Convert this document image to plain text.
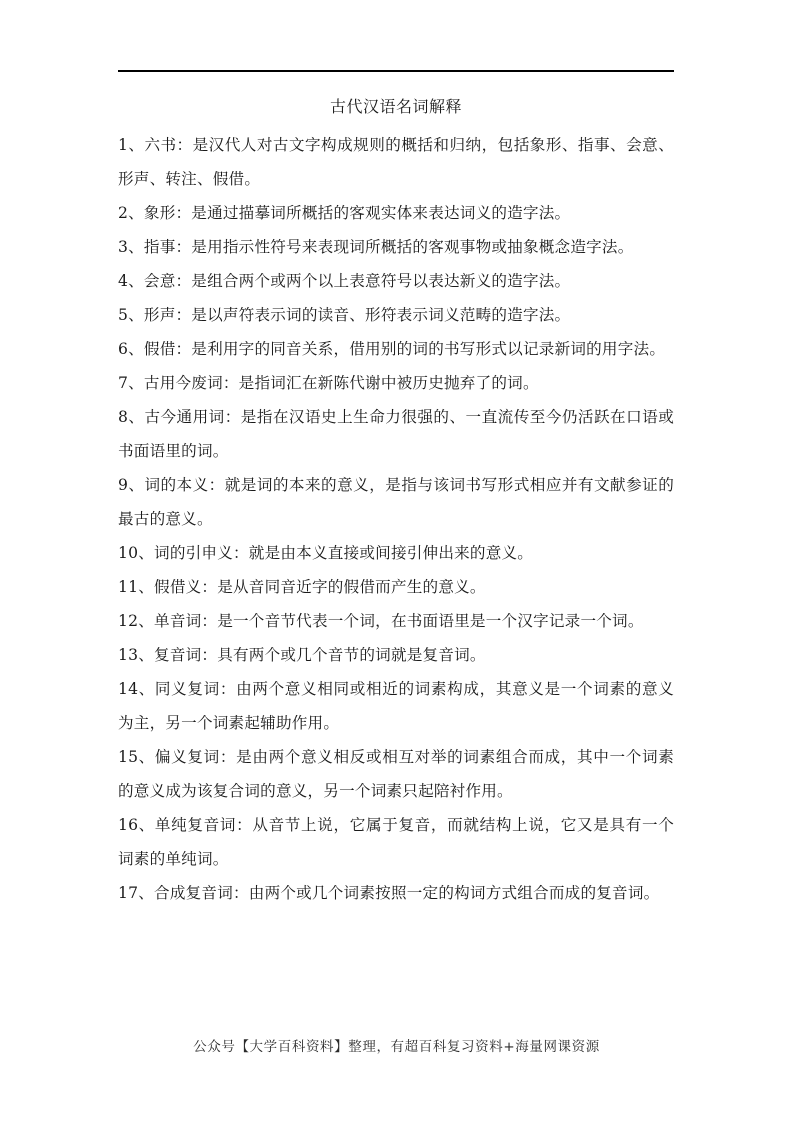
古代汉语名词解释

1、六书：是汉代人对古文字构成规则的概括和归纳，包括象形、指事、会意、形声、转注、假借。

2、象形：是通过描摹词所概括的客观实体来表达词义的造字法。

3、指事：是用指示性符号来表现词所概括的客观事物或抽象概念造字法。

4、会意：是组合两个或两个以上表意符号以表达新义的造字法。

5、形声：是以声符表示词的读音、形符表示词义范畴的造字法。

6、假借：是利用字的同音关系，借用别的词的书写形式以记录新词的用字法。

7、古用今废词：是指词汇在新陈代谢中被历史抛弃了的词。

8、古今通用词：是指在汉语史上生命力很强的、一直流传至今仍活跃在口语或书面语里的词。

9、词的本义：就是词的本来的意义，是指与该词书写形式相应并有文献参证的最古的意义。

10、词的引申义：就是由本义直接或间接引伸出来的意义。

11、假借义：是从音同音近字的假借而产生的意义。

12、单音词：是一个音节代表一个词，在书面语里是一个汉字记录一个词。

13、复音词：具有两个或几个音节的词就是复音词。

14、同义复词：由两个意义相同或相近的词素构成，其意义是一个词素的意义为主，另一个词素起辅助作用。

15、偏义复词：是由两个意义相反或相互对举的词素组合而成，其中一个词素的意义成为该复合词的意义，另一个词素只起陪衬作用。

16、单纯复音词：从音节上说，它属于复音，而就结构上说，它又是具有一个词素的单纯词。

17、合成复音词：由两个或几个词素按照一定的构词方式组合而成的复音词。

公众号【大学百科资料】整理，有超百科复习资料+海量网课资源
